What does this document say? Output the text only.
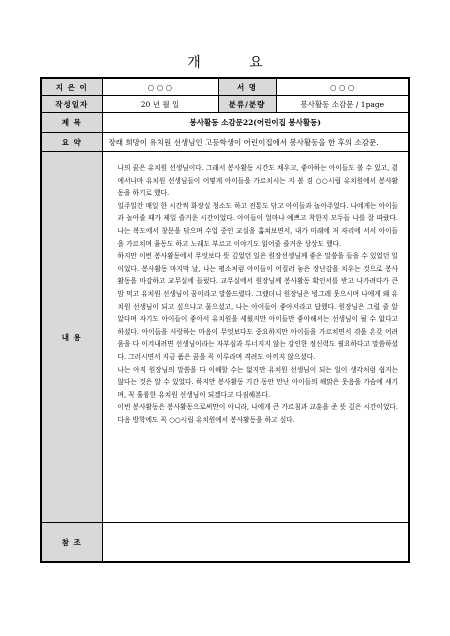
개 요
지 은 이	○ ○ ○	서 명	○ ○ ○
작성일자	20 년 월 일	분류/분량	봉사활동 소감문 / 1page
제 목	봉사활동 소감문22(어린이집 봉사활동)		
요 약	장래 희망이 유치원 선생님인 고등학생이 어린이집에서 봉사활동을 한 후의 소감문.		
내 용	나의 꿈은 유치원 선생님이다. 그래서 봉사활동 시간도 채우고, 좋아하는 아이들도 볼 수 있고, 곁에서나마 유치원 선생님들이 어떻게 아이들을 가르치시는 지 볼 겸 ○○시립 유치원에서 봉사활동을 하기로 했다.

일주일간 매일 한 시간씩 화장실 청소도 하고 전통도 닦고 아이들과 놀아주었다. 나에게는 아이들과 놀아줄 때가 제일 즐거운 시간이었다. 아이들이 얼마나 예쁘고 착한지 모두들 나를 잘 따랐다. 나는 복도에서 창문을 닦으며 수업 중인 교실을 훔쳐보면서, 내가 미래에 저 자리에 서서 아이들을 가르치며 율동도 하고 노래도 부르고 이야기도 읽어줄 즐거운 상상도 했다.

하지만 이번 봉사활동에서 무엇보다 뜻 깊었던 일은 원장선생님께 좋은 말씀을 들을 수 있었던 일이었다. 봉사활동 마지막 날, 나는 평소처럼 아이들이 어질러 놓은 장난감을 치우는 것으로 봉사활동을 마감하고 교무실에 들렀다. 교무실에서 원장님께 봉사활동 확인서를 받고 나가려다가 큰 맘 먹고 유치원 선생님이 꿈이라고 말씀드렸다. 그랬더니 원장님은 빙그레 웃으시며 나에게 왜 유치원 선생님이 되고 싶으냐고 물으셨고, 나는 아이들이 좋아서라고 답했다. 원장님은 그럴 줄 알았다며 자기도 아이들이 좋아서 유치원을 세웠지만 아이들만 좋아해서는 선생님이 될 수 없다고 하셨다. 아이들을 사랑하는 마음이 무엇보다도 중요하지만 아이들을 가르치면서 겪을 온갖 어려움을 다 이겨내려면 선생님이라는 자부심과 투너지지 않는 강인한 정신력도 필요하다고 말씀하셨다. 그러시면서 지금 품은 꿈을 꼭 이루라며 격려도 아끼지 않으셨다.

나는 아직 원장님의 말씀을 다 이해할 수는 없지만 유치원 선생님이 되는 일이 생각처럼 쉽지는 않다는 것은 알 수 있었다. 하지만 봉사활동 기간 동안 만난 아이들의 해맑은 웃음을 가슴에 새기며, 꼭 훌륭한 유치원 선생님이 되겠다고 다짐해본다.

이번 봉사활동은 봉사활동으로써만이 아니라, 나에게 큰 가르침과 교훈을 준 뜻 깊은 시간이었다. 다음 방학에도 꼭 ○○시립 유치원에서 봉사활동을 하고 싶다.		

참 조			
